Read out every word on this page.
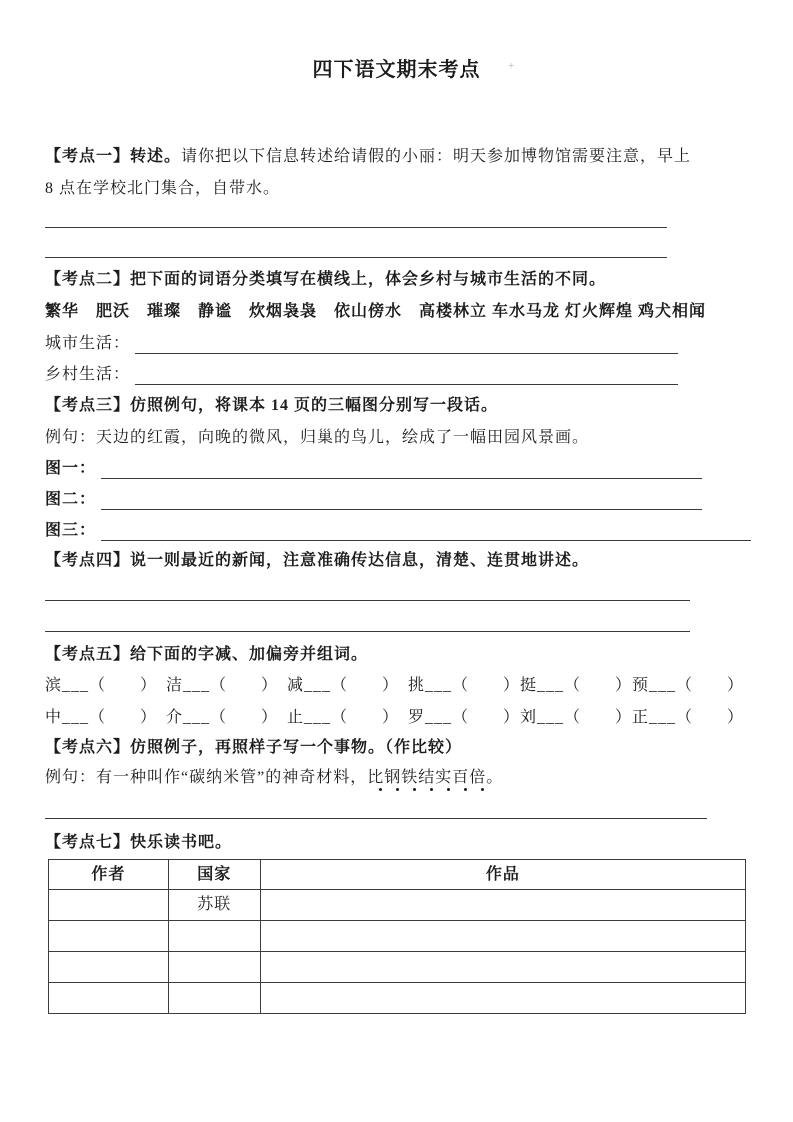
四下语文期末考点	+
【考点一】转述。请你把以下信息转述给请假的小丽：明天参加博物馆需要注意，早上
8 点在学校北门集合，自带水。
【考点二】把下面的词语分类填写在横线上，体会乡村与城市生活的不同。
繁华　肥沃　璀璨　静谧　炊烟袅袅　依山傍水　高楼林立 车水马龙 灯火辉煌 鸡犬相闻
城市生活：
乡村生活：
【考点三】仿照例句，将课本 14 页的三幅图分别写一段话。
例句：天边的红霞，向晚的微风，归巢的鸟儿，绘成了一幅田园风景画。
图一：
图二：
图三：
【考点四】说一则最近的新闻，注意准确传达信息，清楚、连贯地讲述。
【考点五】给下面的字减、加偏旁并组词。
滨___（　　）　洁___（　　）　减___（　　）　挑___（　　）挺___（　　）预___（　　）
中___（　　）　介___（　　）　止___（　　）　罗___（　　）刘___（　　）正___（　　）
【考点六】仿照例子，再照样子写一个事物。（作比较）
例句：有一种叫作“碳纳米管”的神奇材料，比钢铁结实百倍。
【考点七】快乐读书吧。
作者	国家	作品
	苏联	
